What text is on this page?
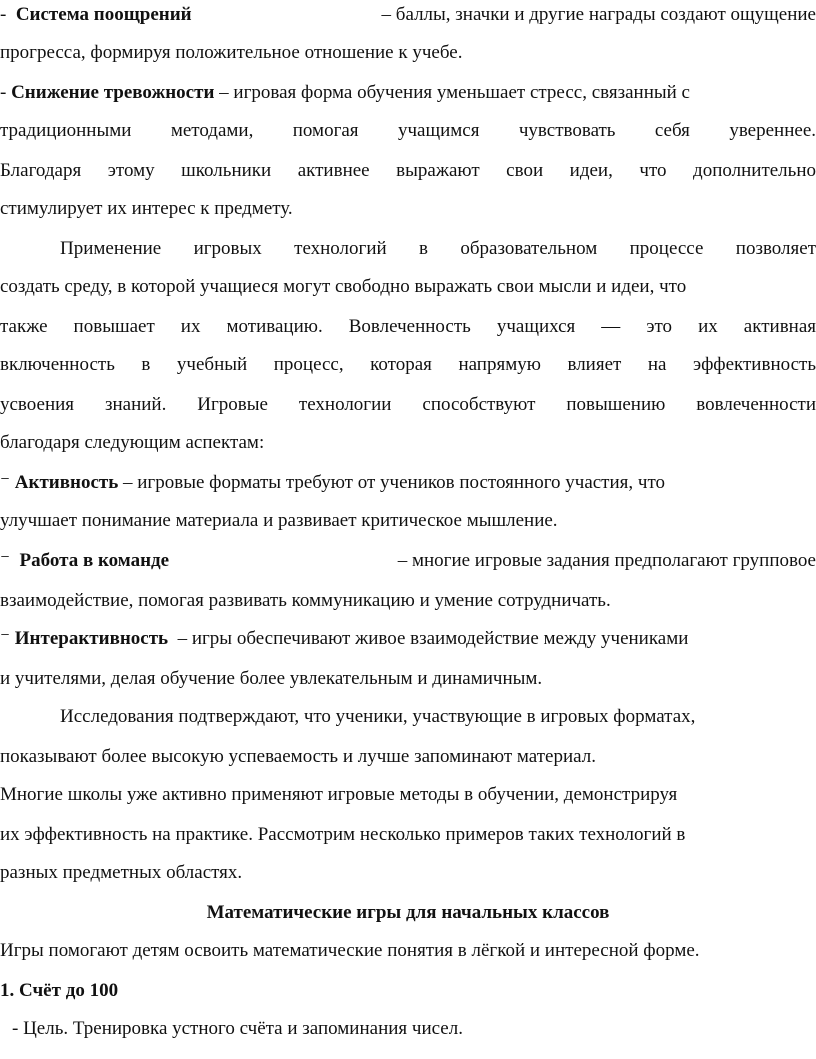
- Система поощрений	– баллы, значки и другие награды создают ощущение
прогресса, формируя положительное отношение к учебе.
- Снижение тревожности – игровая форма обучения уменьшает стресс, связанный с
традиционными методами, помогая учащимся чувствовать себя увереннее.
Благодаря этому школьники активнее выражают свои идеи, что дополнительно
стимулирует их интерес к предмету.
Применение игровых технологий в образовательном процессе позволяет
создать среду, в которой учащиеся могут свободно выражать свои мысли и идеи, что
также повышает их мотивацию. Вовлеченность учащихся — это их активная
включенность в учебный процесс, которая напрямую влияет на эффективность
усвоения знаний. Игровые технологии способствуют повышению вовлеченности
благодаря следующим аспектам:
⁻ Активность – игровые форматы требуют от учеников постоянного участия, что
улучшает понимание материала и развивает критическое мышление.
⁻ Работа в команде	– многие игровые задания предполагают групповое
взаимодействие, помогая развивать коммуникацию и умение сотрудничать.
⁻ Интерактивность – игры обеспечивают живое взаимодействие между учениками
и учителями, делая обучение более увлекательным и динамичным.
Исследования подтверждают, что ученики, участвующие в игровых форматах,
показывают более высокую успеваемость и лучше запоминают материал.
Многие школы уже активно применяют игровые методы в обучении, демонстрируя
их эффективность на практике. Рассмотрим несколько примеров таких технологий в
разных предметных областях.
Математические игры для начальных классов
Игры помогают детям освоить математические понятия в лёгкой и интересной форме.
1. Счёт до 100
- Цель. Тренировка устного счёта и запоминания чисел.
